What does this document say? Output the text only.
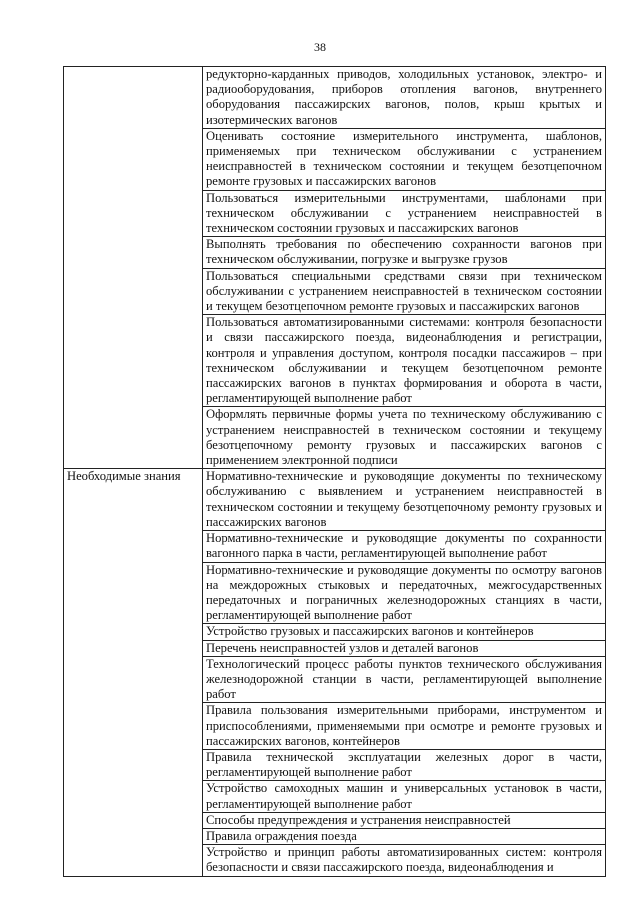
38
	редукторно-карданных приводов, холодильных установок, электро- и радиооборудования, приборов отопления вагонов, внутреннего оборудования пассажирских вагонов, полов, крыш крытых и изотермических вагонов
	Оценивать состояние измерительного инструмента, шаблонов, применяемых при техническом обслуживании с устранением неисправностей в техническом состоянии и текущем безотцепочном ремонте грузовых и пассажирских вагонов
	Пользоваться измерительными инструментами, шаблонами при техническом обслуживании с устранением неисправностей в техническом состоянии грузовых и пассажирских вагонов
	Выполнять требования по обеспечению сохранности вагонов при техническом обслуживании, погрузке и выгрузке грузов
	Пользоваться специальными средствами связи при техническом обслуживании с устранением неисправностей в техническом состоянии и текущем безотцепочном ремонте грузовых и пассажирских вагонов
	Пользоваться автоматизированными системами: контроля безопасности и связи пассажирского поезда, видеонаблюдения и регистрации, контроля и управления доступом, контроля посадки пассажиров – при техническом обслуживании и текущем безотцепочном ремонте пассажирских вагонов в пунктах формирования и оборота в части, регламентирующей выполнение работ
	Оформлять первичные формы учета по техническому обслуживанию с устранением неисправностей в техническом состоянии и текущему безотцепочному ремонту грузовых и пассажирских вагонов с применением электронной подписи
Необходимые знания	Нормативно-технические и руководящие документы по техническому обслуживанию с выявлением и устранением неисправностей в техническом состоянии и текущему безотцепочному ремонту грузовых и пассажирских вагонов
	Нормативно-технические и руководящие документы по сохранности вагонного парка в части, регламентирующей выполнение работ
	Нормативно-технические и руководящие документы по осмотру вагонов на междорожных стыковых и передаточных, межгосударственных передаточных и пограничных железнодорожных станциях в части, регламентирующей выполнение работ
	Устройство грузовых и пассажирских вагонов и контейнеров
	Перечень неисправностей узлов и деталей вагонов
	Технологический процесс работы пунктов технического обслуживания железнодорожной станции в части, регламентирующей выполнение работ
	Правила пользования измерительными приборами, инструментом и приспособлениями, применяемыми при осмотре и ремонте грузовых и пассажирских вагонов, контейнеров
	Правила технической эксплуатации железных дорог в части, регламентирующей выполнение работ
	Устройство самоходных машин и универсальных установок в части, регламентирующей выполнение работ
	Способы предупреждения и устранения неисправностей
	Правила ограждения поезда
	Устройство и принцип работы автоматизированных систем: контроля безопасности и связи пассажирского поезда, видеонаблюдения и
